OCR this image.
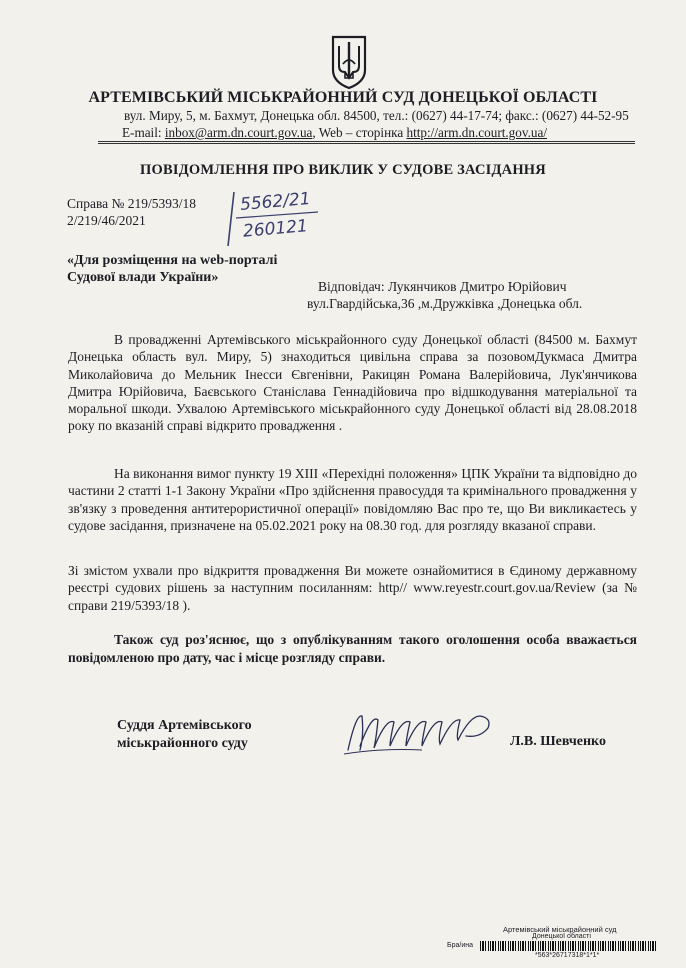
АРТЕМІВСЬКИЙ МІСЬКРАЙОННИЙ СУД ДОНЕЦЬКОЇ ОБЛАСТІ
вул. Миру, 5, м. Бахмут, Донецька обл. 84500, тел.: (0627) 44-17-74; факс.: (0627) 44-52-95
E-mail: inbox@arm.dn.court.gov.ua, Web – сторінка http://arm.dn.court.gov.ua/
ПОВІДОМЛЕННЯ ПРО ВИКЛИК У СУДОВЕ ЗАСІДАННЯ
Справа № 219/5393/18
2/219/46/2021
5562/21
260121
«Для розміщення на web-порталі
Судової влади України»
Відповідач: Лукянчиков Дмитро Юрійович
вул.Гвардійська,36 ,м.Дружківка ,Донецька обл.
В провадженні Артемівського міськрайонного суду Донецької області (84500 м. Бахмут Донецька область вул. Миру, 5) знаходиться цивільна справа за позовомДукмаса Дмитра Миколайовича до Мельник Інесси Євгенівни, Ракицян Романа Валерійовича, Лук'янчикова Дмитра Юрійовича, Баєвського Станіслава Геннадійовича про відшкодування матеріальної та моральної шкоди. Ухвалою Артемівського міськрайонного суду Донецької області від 28.08.2018 року по вказаній справі відкрито провадження .
На виконання вимог пункту 19 ХІІІ «Перехідні положення» ЦПК України та відповідно до частини 2 статті 1-1 Закону України «Про здійснення правосуддя та кримінального провадження у зв'язку з проведення антитерористичної операції» повідомляю Вас про те, що Ви викликаєтесь у судове засідання, призначене на 05.02.2021 року на 08.30 год. для розгляду вказаної справи.
Зі змістом ухвали про відкриття провадження Ви можете ознайомитися в Єдиному державному реєстрі судових рішень за наступним посиланням: http// www.reyestr.court.gov.ua/Review (за № справи 219/5393/18 ).
Також суд роз'яснює, що з опублікуванням такого оголошення особа вважається повідомленою про дату, час і місце розгляду справи.
Суддя Артемівського
міськрайонного суду	Л.В. Шевченко
Артемівський міськрайонний суд
Донецької області
Бра/ина
*563*26717318*1*1*
